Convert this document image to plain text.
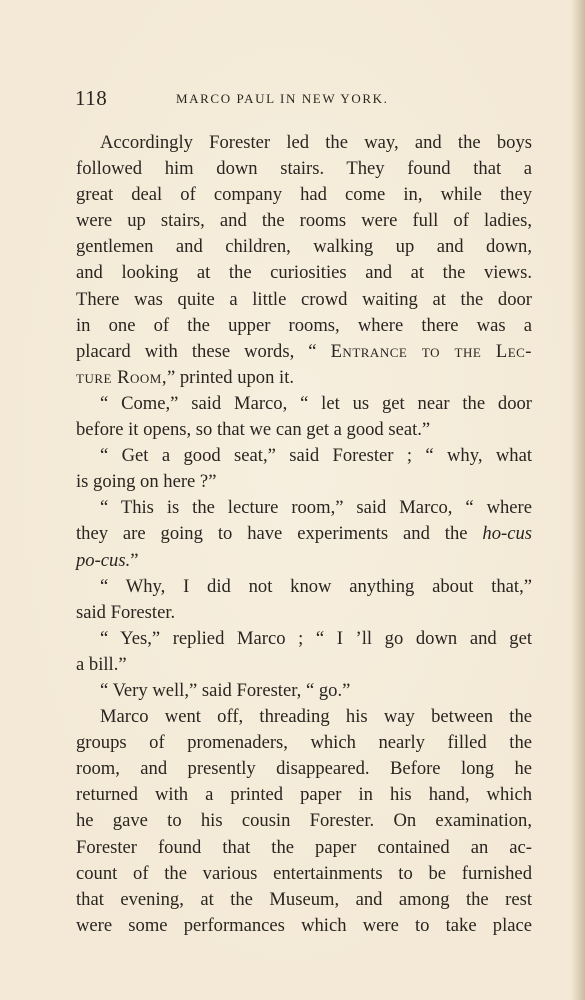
118	MARCO PAUL IN NEW YORK.
Accordingly Forester led the way, and the boys
followed him down stairs. They found that a
great deal of company had come in, while they
were up stairs, and the rooms were full of ladies,
gentlemen and children, walking up and down,
and looking at the curiosities and at the views.
There was quite a little crowd waiting at the door
in one of the upper rooms, where there was a
placard with these words, “ Entrance to the Lec-
ture Room,” printed upon it.
“ Come,” said Marco, “ let us get near the door
before it opens, so that we can get a good seat.”
“ Get a good seat,” said Forester ; “ why, what
is going on here ?”
“ This is the lecture room,” said Marco, “ where
they are going to have experiments and the ho-cus
po-cus.”
“ Why, I did not know anything about that,”
said Forester.
“ Yes,” replied Marco ; “ I ’ll go down and get
a bill.”
“ Very well,” said Forester, “ go.”
Marco went off, threading his way between the
groups of promenaders, which nearly filled the
room, and presently disappeared. Before long he
returned with a printed paper in his hand, which
he gave to his cousin Forester. On examination,
Forester found that the paper contained an ac-
count of the various entertainments to be furnished
that evening, at the Museum, and among the rest
were some performances which were to take place
